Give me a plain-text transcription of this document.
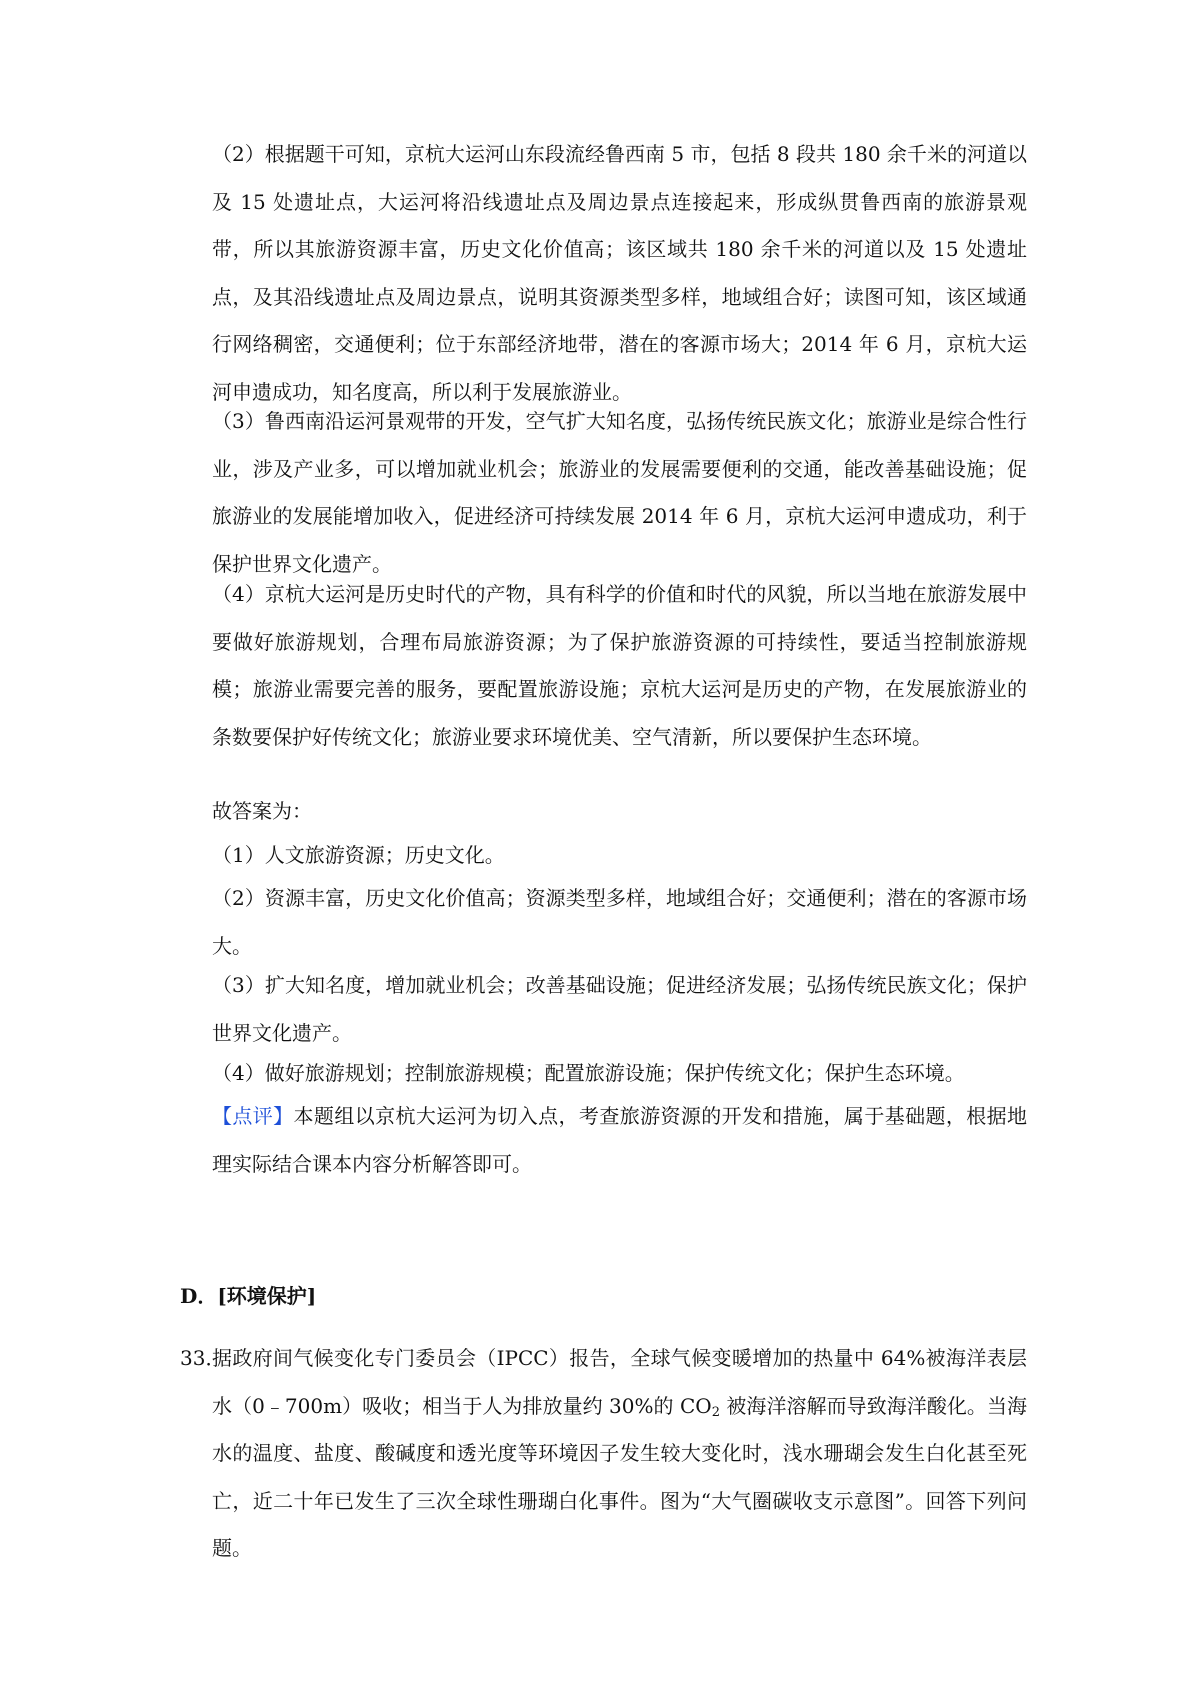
（2）根据题干可知，京杭大运河山东段流经鲁西南 5 市，包括 8 段共 180 余千米的河道以及 15 处遗址点，大运河将沿线遗址点及周边景点连接起来，形成纵贯鲁西南的旅游景观带，所以其旅游资源丰富，历史文化价值高；该区域共 180 余千米的河道以及 15 处遗址点，及其沿线遗址点及周边景点，说明其资源类型多样，地域组合好；读图可知，该区域通行网络稠密，交通便利；位于东部经济地带，潜在的客源市场大；2014 年 6 月，京杭大运河申遗成功，知名度高，所以利于发展旅游业。

（3）鲁西南沿运河景观带的开发，空气扩大知名度，弘扬传统民族文化；旅游业是综合性行业，涉及产业多，可以增加就业机会；旅游业的发展需要便利的交通，能改善基础设施；促旅游业的发展能增加收入，促进经济可持续发展 2014 年 6 月，京杭大运河申遗成功，利于保护世界文化遗产。

（4）京杭大运河是历史时代的产物，具有科学的价值和时代的风貌，所以当地在旅游发展中要做好旅游规划，合理布局旅游资源；为了保护旅游资源的可持续性，要适当控制旅游规模；旅游业需要完善的服务，要配置旅游设施；京杭大运河是历史的产物，在发展旅游业的条数要保护好传统文化；旅游业要求环境优美、空气清新，所以要保护生态环境。

故答案为：

（1）人文旅游资源；历史文化。

（2）资源丰富，历史文化价值高；资源类型多样，地域组合好；交通便利；潜在的客源市场大。

（3）扩大知名度，增加就业机会；改善基础设施；促进经济发展；弘扬传统民族文化；保护世界文化遗产。

（4）做好旅游规划；控制旅游规模；配置旅游设施；保护传统文化；保护生态环境。

【点评】本题组以京杭大运河为切入点，考查旅游资源的开发和措施，属于基础题，根据地理实际结合课本内容分析解答即可。

D．[环境保护]

33．

据政府间气候变化专门委员会（IPCC）报告，全球气候变暖增加的热量中 64%被海洋表层水（0﹣700m）吸收；相当于人为排放量约 30%的 $CO_2$ 被海洋溶解而导致海洋酸化。当海水的温度、盐度、酸碱度和透光度等环境因子发生较大变化时，浅水珊瑚会发生白化甚至死亡，近二十年已发生了三次全球性珊瑚白化事件。图为“大气圈碳收支示意图”。回答下列问题。
